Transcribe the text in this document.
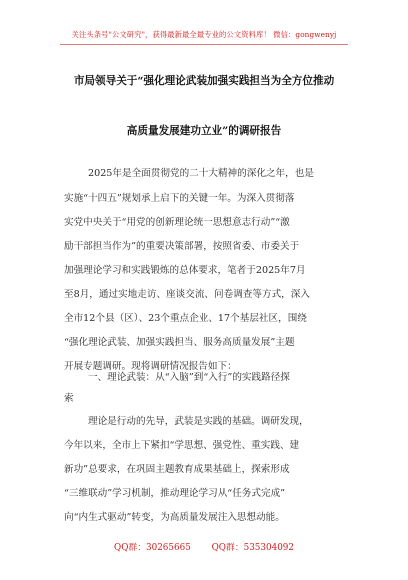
关注头条号"公文研究"，获得最新最全最专业的公文资料库！ 微信：gongwenyj
市局领导关于“强化理论武装加强实践担当为全方位推动
高质量发展建功立业”的调研报告
2025年是全面贯彻党的二十大精神的深化之年，也是
实施“十四五”规划承上启下的关键一年。为深入贯彻落
实党中央关于“用党的创新理论统一思想意志行动”“激
励干部担当作为”的重要决策部署，按照省委、市委关于
加强理论学习和实践锻炼的总体要求，笔者于2025年7月
至8月，通过实地走访、座谈交流、问卷调查等方式，深入
全市12个县（区）、23个重点企业、17个基层社区，围绕
“强化理论武装、加强实践担当、服务高质量发展”主题
开展专题调研。现将调研情况报告如下：
一、理论武装：从“入脑”到“入行”的实践路径探
索
理论是行动的先导，武装是实践的基础。调研发现，
今年以来，全市上下紧扣“学思想、强党性、重实践、建
新功”总要求，在巩固主题教育成果基础上，探索形成
“三维联动”学习机制，推动理论学习从“任务式完成”
向“内生式驱动”转变，为高质量发展注入思想动能。
QQ群：30265665 QQ群：535304092
